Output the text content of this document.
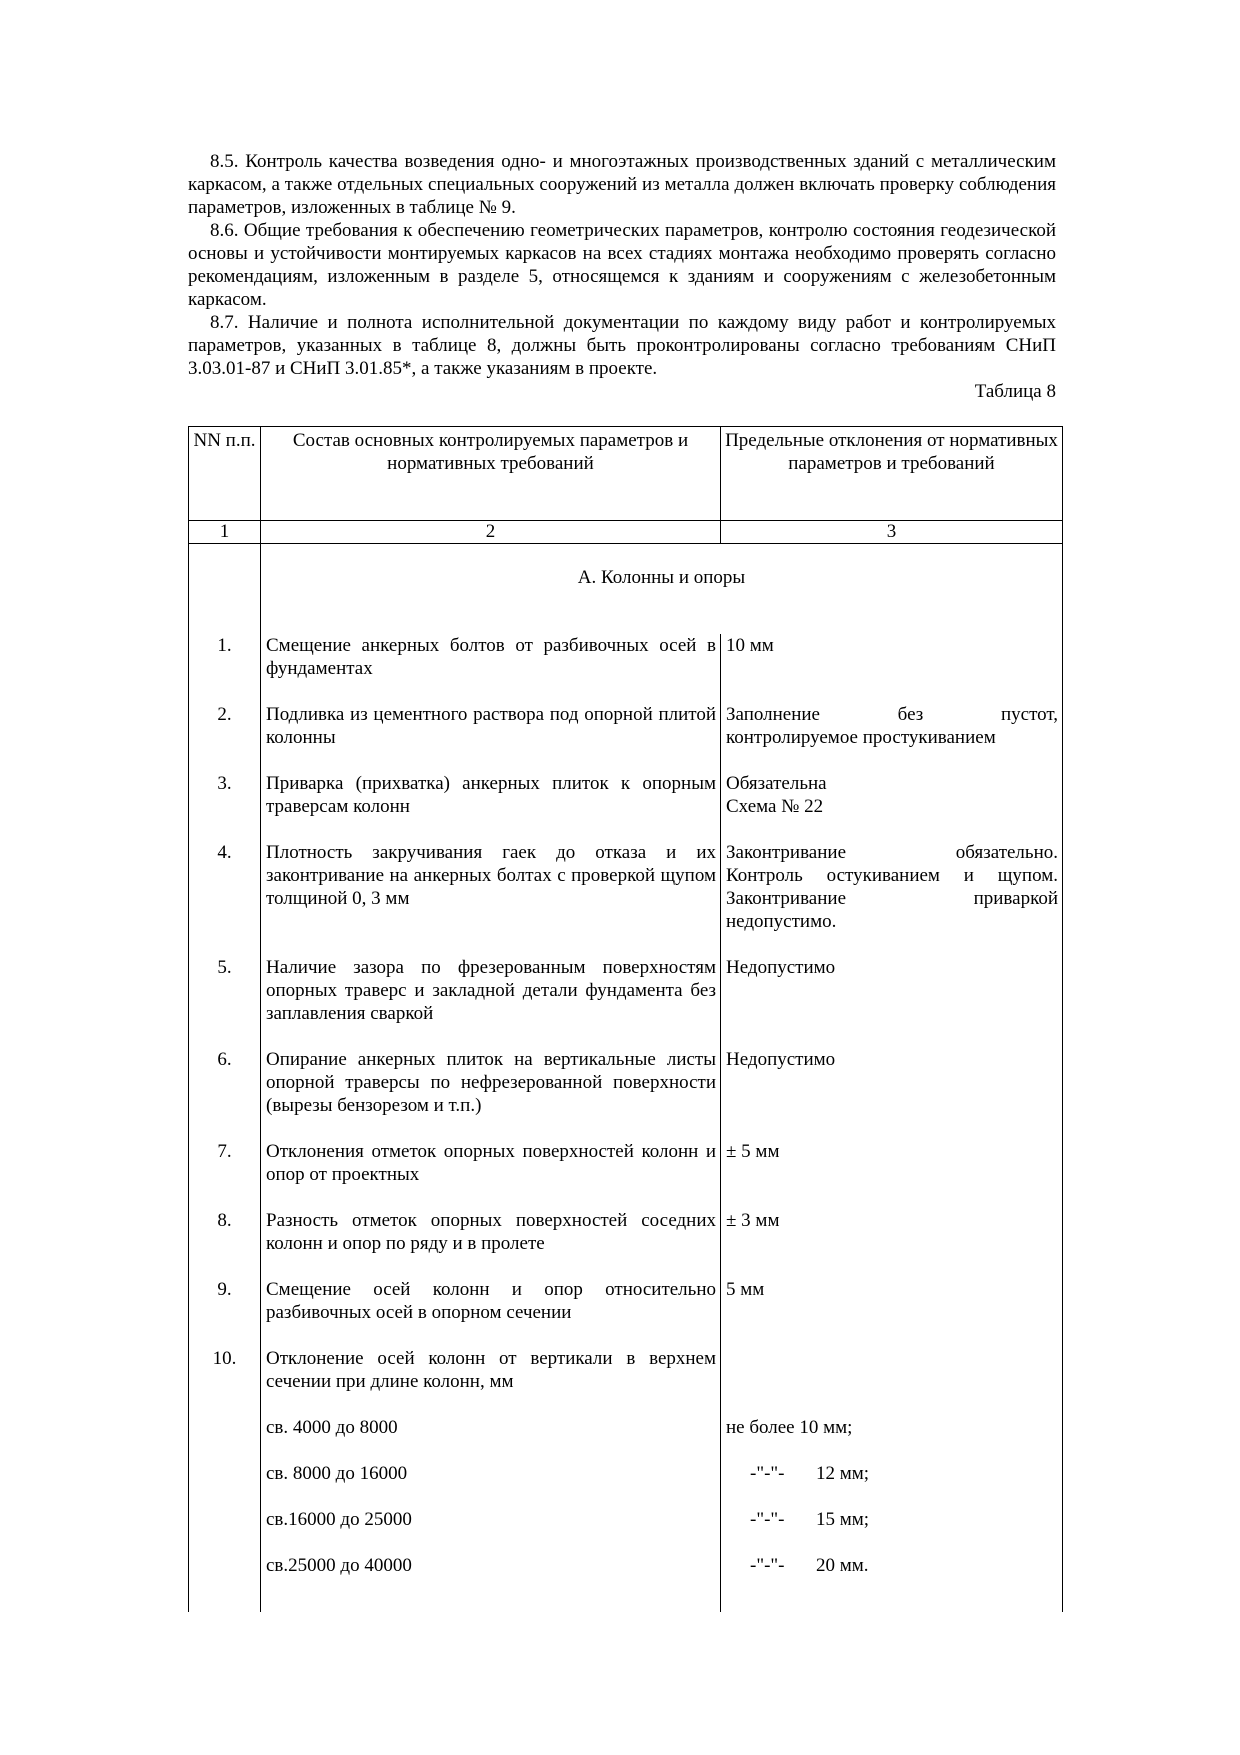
8.5. Контроль качества возведения одно- и многоэтажных производственных зданий с металлическим каркасом, а также отдельных специальных сооружений из металла должен включать проверку соблюдения параметров, изложенных в таблице № 9.

8.6. Общие требования к обеспечению геометрических параметров, контролю состояния геодезической основы и устойчивости монтируемых каркасов на всех стадиях монтажа необходимо проверять согласно рекомендациям, изложенным в разделе 5, относящемся к зданиям и сооружениям с железобетонным каркасом.

8.7. Наличие и полнота исполнительной документации по каждому виду работ и контролируемых параметров, указанных в таблице 8, должны быть проконтролированы согласно требованиям СНиП 3.03.01-87 и СНиП 3.01.85*, а также указаниям в проекте.

Таблица 8

NN п.п.	Состав основных контролируемых параметров и нормативных требований	Предельные отклонения от нормативных параметров и требований
1	2	3
	А. Колонны и опоры	
1.	Смещение анкерных болтов от разбивочных осей в фундаментах	10 мм
2.	Подливка из цементного раствора под опорной плитой колонны	Заполнение без пустот,
контролируемое простукиванием

3.	Приварка (прихватка) анкерных плиток к опорным траверсам колонн	Обязательна
Схема № 22

4.	Плотность закручивания гаек до отказа и их законтривание на анкерных болтах с проверкой щупом толщиной 0, 3 мм	Законтривание обязательно.
Контроль остукиванием и щупом.
Законтривание приваркой
недопустимо.

5.	Наличие зазора по фрезерованным поверхностям опорных траверс и закладной детали фундамента без заплавления сваркой	Недопустимо
6.	Опирание анкерных плиток на вертикальные листы опорной траверсы по нефрезерованной поверхности (вырезы бензорезом и т.п.)	Недопустимо
7.	Отклонения отметок опорных поверхностей колонн и опор от проектных	± 5 мм
8.	Разность отметок опорных поверхностей соседних колонн и опор по ряду и в пролете	± 3 мм
9.	Смещение осей колонн и опор относительно разбивочных осей в опорном сечении	5 мм
10.	Отклонение осей колонн от вертикали в верхнем сечении при длине колонн, мм	
	св. 4000 до 8000	не более 10 мм;
	св. 8000 до 16000	-"-"- 12 мм;
	св.16000 до 25000	-"-"- 15 мм;
	св.25000 до 40000	-"-"- 20 мм.
